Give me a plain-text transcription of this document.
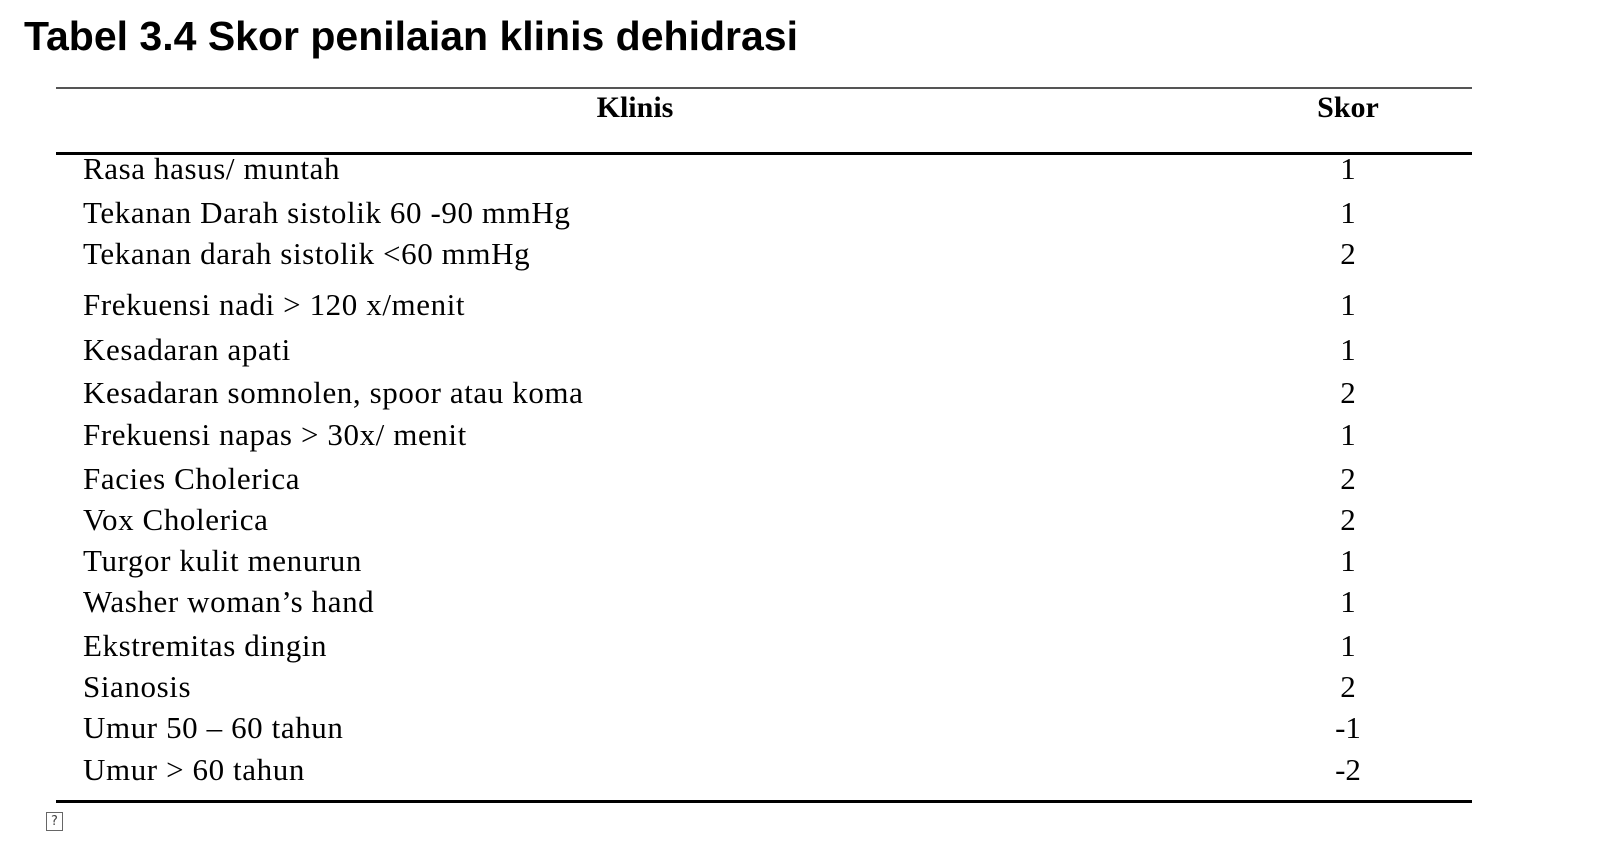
Tabel 3.4 Skor penilaian klinis dehidrasi
Klinis	Skor
Rasa hasus/ muntah	1
Tekanan Darah sistolik 60 -90 mmHg	1
Tekanan darah sistolik <60 mmHg	2
Frekuensi nadi > 120 x/menit	1
Kesadaran apati	1
Kesadaran somnolen, spoor atau koma	2
Frekuensi napas > 30x/ menit	1
Facies Cholerica	2
Vox Cholerica	2
Turgor kulit menurun	1
Washer woman’s hand	1
Ekstremitas dingin	1
Sianosis	2
Umur 50 – 60 tahun	-1
Umur > 60 tahun	-2
?
